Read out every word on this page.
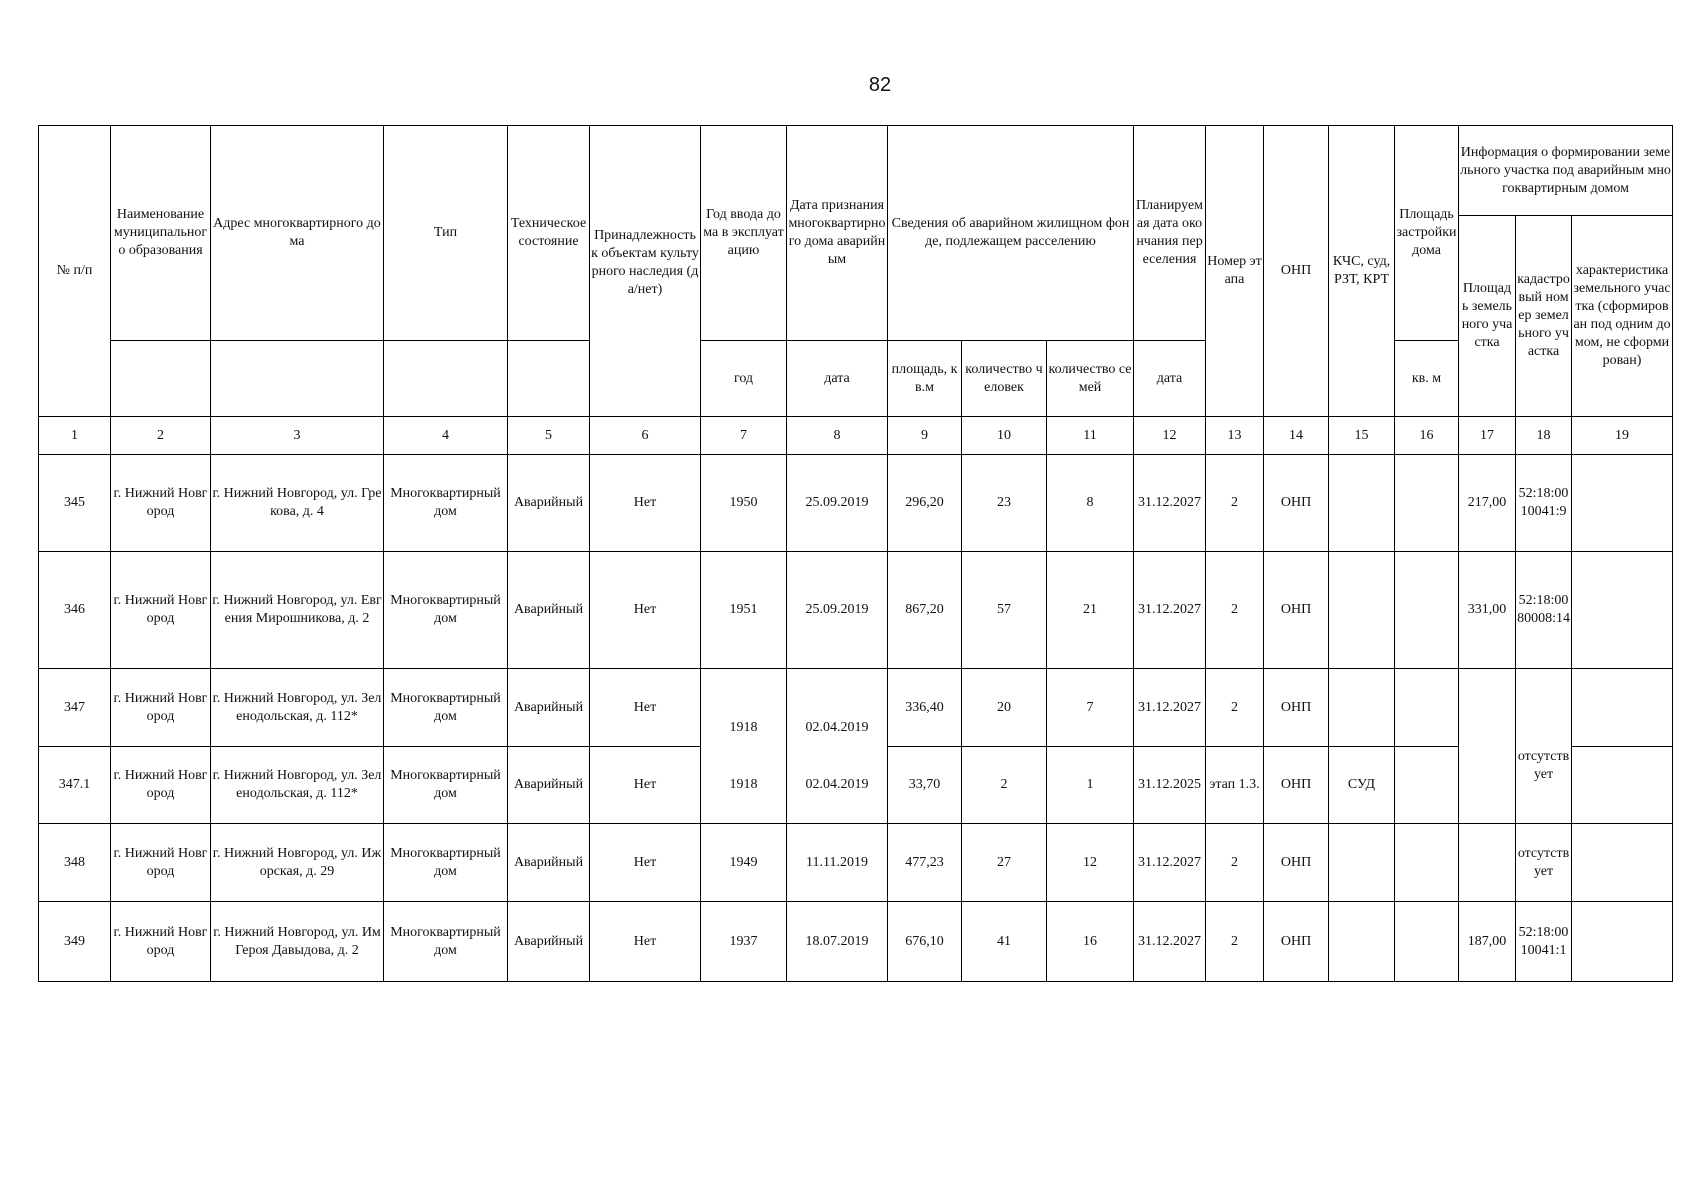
82
№ п/п	Наименование муниципального образования	Адрес многоквартирного дома	Тип	Техническое состояние	Принадлежность к объектам культурного наследия (да/нет)	Год ввода дома в эксплуатацию	Дата признания многоквартирного дома аварийным	Сведения об аварийном жилищном фонде, подлежащем расселению			Планируемая дата окончания переселения	Номер этапа	ОНП	КЧС, суд, РЗТ, КРТ	Площадь застройки дома	Информация о формировании земельного участка под аварийным многоквартирным домом		
																Площадь земельного участка	кадастровый номер земельного участка	характеристика земельного участка (сформирован под одним домом, не сформирован)
						год	дата	площадь, кв.м	количество человек	количество семей	дата				кв. м			
1	2	3	4	5	6	7	8	9	10	11	12	13	14	15	16	17	18	19
345	г. Нижний Новгород	г. Нижний Новгород, ул. Грекова, д. 4	Многоквартирный дом	Аварийный	Нет	1950	25.09.2019	296,20	23	8	31.12.2027	2	ОНП			217,00	52:18:0010041:9	
346	г. Нижний Новгород	г. Нижний Новгород, ул. Евгения Мирошникова, д. 2	Многоквартирный дом	Аварийный	Нет	1951	25.09.2019	867,20	57	21	31.12.2027	2	ОНП			331,00	52:18:0080008:14	
347	г. Нижний Новгород	г. Нижний Новгород, ул. Зеленодольская, д. 112*	Многоквартирный дом	Аварийный	Нет	1918	02.04.2019	336,40	20	7	31.12.2027	2	ОНП				отсутствует	
347.1	г. Нижний Новгород	г. Нижний Новгород, ул. Зеленодольская, д. 112*	Многоквартирный дом	Аварийный	Нет	1918	02.04.2019	33,70	2	1	31.12.2025	этап 1.3.	ОНП	СУД				
348	г. Нижний Новгород	г. Нижний Новгород, ул. Ижорская, д. 29	Многоквартирный дом	Аварийный	Нет	1949	11.11.2019	477,23	27	12	31.12.2027	2	ОНП				отсутствует	
349	г. Нижний Новгород	г. Нижний Новгород, ул. Им Героя Давыдова, д. 2	Многоквартирный дом	Аварийный	Нет	1937	18.07.2019	676,10	41	16	31.12.2027	2	ОНП			187,00	52:18:0010041:1	
